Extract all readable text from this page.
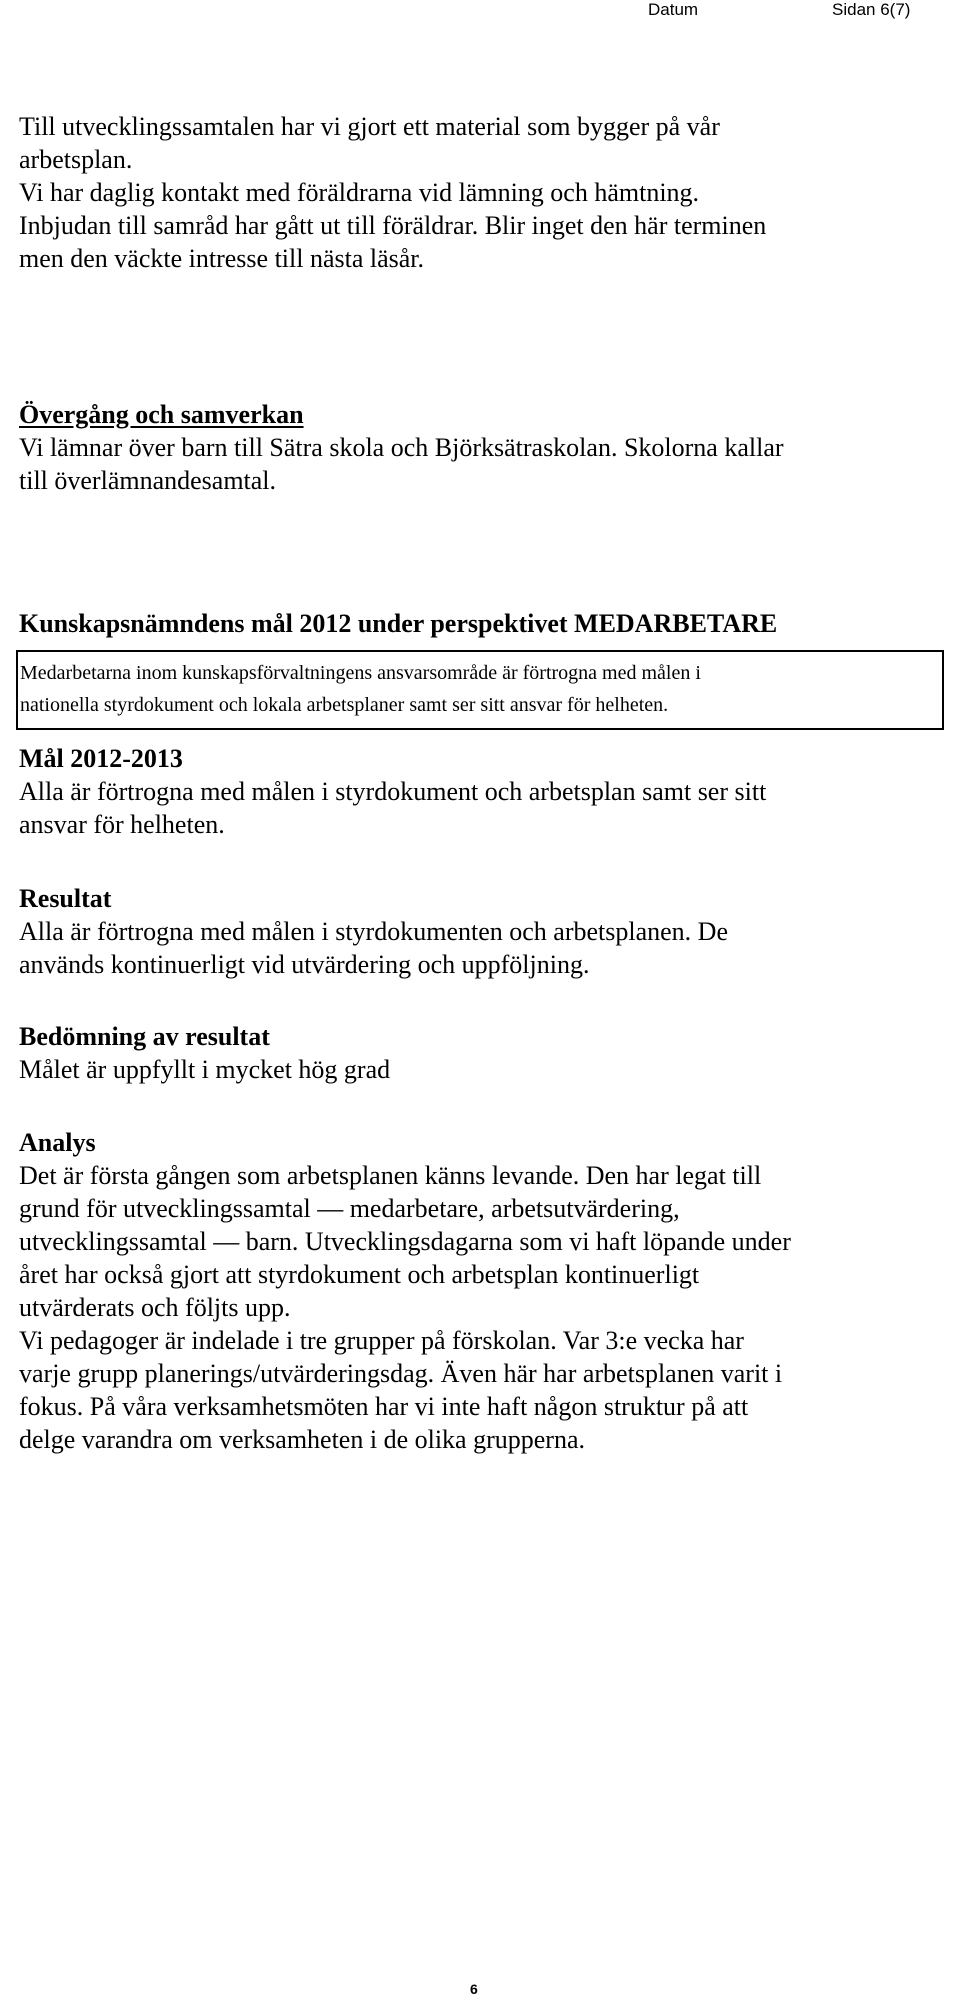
Datum	Sidan 6(7)
Till utvecklingssamtalen har vi gjort ett material som bygger på vår
arbetsplan.
Vi har daglig kontakt med föräldrarna vid lämning och hämtning.
Inbjudan till samråd har gått ut till föräldrar. Blir inget den här terminen
men den väckte intresse till nästa läsår.
Övergång och samverkan
Vi lämnar över barn till Sätra skola och Björksätraskolan. Skolorna kallar
till överlämnandesamtal.
Kunskapsnämndens mål 2012 under perspektivet MEDARBETARE
Medarbetarna inom kunskapsförvaltningens ansvarsområde är förtrogna med målen i
nationella styrdokument och lokala arbetsplaner samt ser sitt ansvar för helheten.
Mål 2012-2013
Alla är förtrogna med målen i styrdokument och arbetsplan samt ser sitt
ansvar för helheten.
Resultat
Alla är förtrogna med målen i styrdokumenten och arbetsplanen. De
används kontinuerligt vid utvärdering och uppföljning.
Bedömning av resultat
Målet är uppfyllt i mycket hög grad
Analys
Det är första gången som arbetsplanen känns levande. Den har legat till
grund för utvecklingssamtal — medarbetare, arbetsutvärdering,
utvecklingssamtal — barn. Utvecklingsdagarna som vi haft löpande under
året har också gjort att styrdokument och arbetsplan kontinuerligt
utvärderats och följts upp.
Vi pedagoger är indelade i tre grupper på förskolan. Var 3:e vecka har
varje grupp planerings/utvärderingsdag. Även här har arbetsplanen varit i
fokus. På våra verksamhetsmöten har vi inte haft någon struktur på att
delge varandra om verksamheten i de olika grupperna.
6
